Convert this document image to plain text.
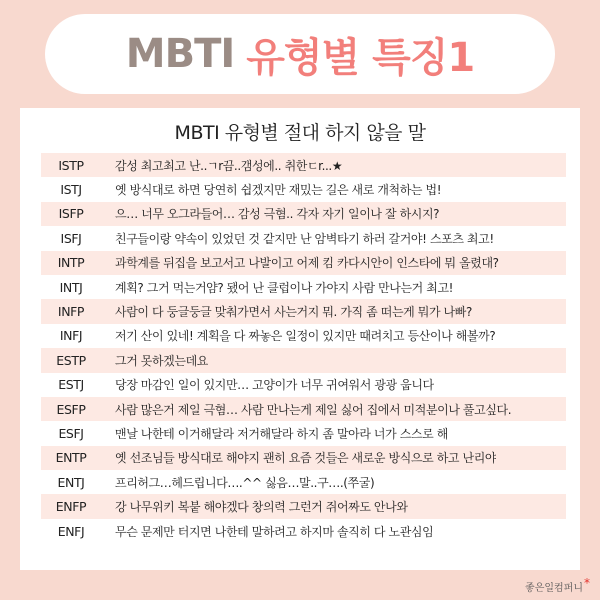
MBTI 유형별 특징1
MBTI 유형별 절대 하지 않을 말
ISTP	감성 최고최고 난..ㄱr끔..갬성에.. 취한ㄷr...★
ISTJ	옛 방식대로 하면 당연히 쉽겠지만 재밌는 길은 새로 개척하는 법!
ISFP	으… 너무 오그라들어… 감성 극혐.. 각자 자기 일이나 잘 하시지?
ISFJ	친구들이랑 약속이 있었던 것 같지만 난 암벽타기 하러 갈거야! 스포츠 최고!
INTP	과학계를 뒤집을 보고서고 나발이고 어제 킴 카다시안이 인스타에 뭐 올렸대?
INTJ	계획? 그거 먹는거얌? 됐어 난 클럽이나 가야지 사람 만나는거 최고!
INFP	사람이 다 둥글둥글 맞춰가면서 사는거지 뭐. 가직 좀 떠는게 뭐가 나빠?
INFJ	저기 산이 있네! 계획을 다 짜놓은 일정이 있지만 때려치고 등산이나 해볼까?
ESTP	그거 못하겠는데요
ESTJ	당장 마감인 일이 있지만… 고양이가 너무 귀여워서 광광 웁니다
ESFP	사람 많은거 제일 극혐… 사람 만나는게 제일 싫어 집에서 미적분이나 풀고싶다.
ESFJ	맨날 나한테 이거해달라 저거해달라 하지 좀 말아라 너가 스스로 해
ENTP	옛 선조님들 방식대로 해야지 괜히 요즘 것들은 새로운 방식으로 하고 난리야
ENTJ	프리허그…헤드립니다….^^ 싫음…말..구….(쭈굴)
ENFP	강 나무위키 복붙 해야겠다 창의력 그런거 쥐어짜도 안나와
ENFJ	무슨 문제만 터지면 나한테 말하려고 하지마 솔직히 다 노관심임
좋은일컴퍼니 *
